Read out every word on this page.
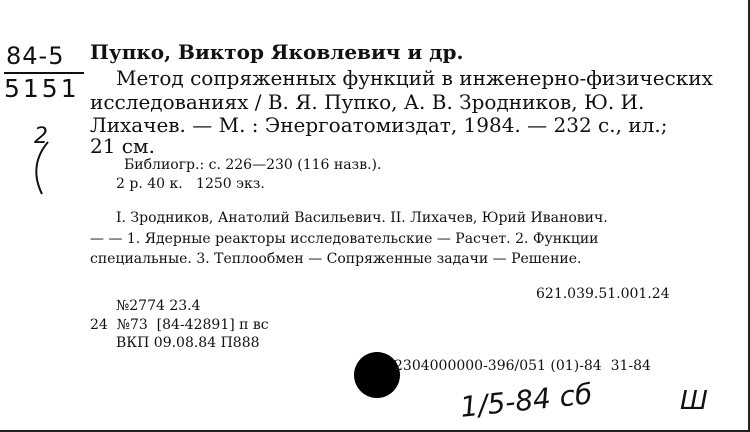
84-5
5151
2
Пупко, Виктор Яковлевич и др.
Метод сопряженных функций в инженерно-физических
исследованиях / В. Я. Пупко, А. В. Зродников, Ю. И.
Лихачев. — М. : Энергоатомиздат, 1984. — 232 с., ил.;
21 см.
Библиогр.: с. 226—230 (116 назв.).
2 р. 40 к.   1250 экз.
I. Зродников, Анатолий Васильевич. II. Лихачев, Юрий Иванович.
— — 1. Ядерные реакторы исследовательские — Расчет. 2. Функции
специальные. 3. Теплообмен — Сопряженные задачи — Решение.
621.039.51.001.24
№2774 23.4
24  №73  [84-42891] п вс
ВКП 09.08.84 П888
2304000000-396/051 (01)-84  31-84
1/5-84 сб	Ш
